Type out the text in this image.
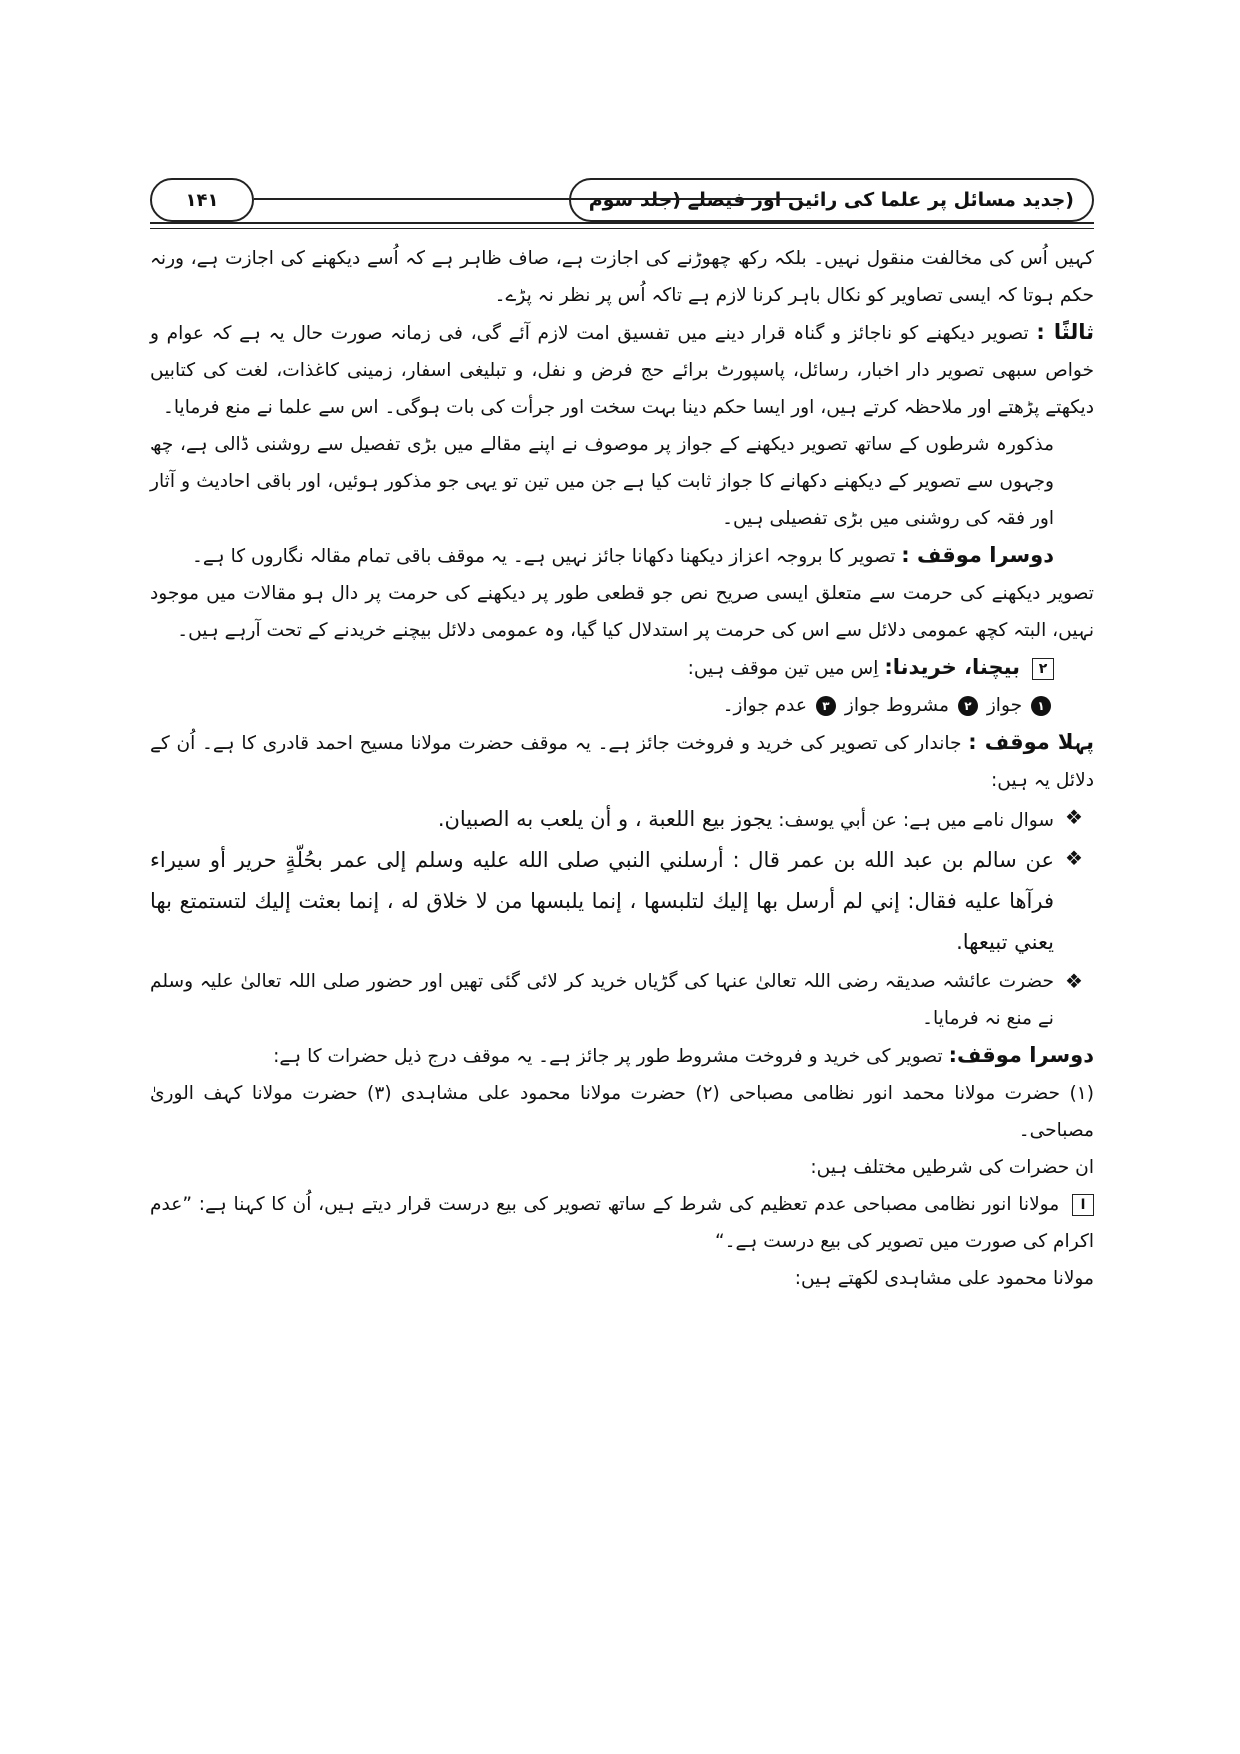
(جدید مسائل پر علما کی رائیں اور فیصلے (جلد سوم
۱۴۱

کہیں اُس کی مخالفت منقول نہیں۔ بلکہ رکھ چھوڑنے کی اجازت ہے، صاف ظاہر ہے کہ اُسے دیکھنے کی اجازت ہے، ورنہ حکم ہوتا کہ ایسی تصاویر کو نکال باہر کرنا لازم ہے تاکہ اُس پر نظر نہ پڑے۔

ثالثًا : تصویر دیکھنے کو ناجائز و گناہ قرار دینے میں تفسیق امت لازم آئے گی، فی زمانہ صورت حال یہ ہے کہ عوام و خواص سبھی تصویر دار اخبار، رسائل، پاسپورٹ برائے حج فرض و نفل، و تبلیغی اسفار، زمینی کاغذات، لغت کی کتابیں دیکھتے پڑھتے اور ملاحظہ کرتے ہیں، اور ایسا حکم دینا بہت سخت اور جرأت کی بات ہوگی۔ اس سے علما نے منع فرمایا۔

مذکورہ شرطوں کے ساتھ تصویر دیکھنے کے جواز پر موصوف نے اپنے مقالے میں بڑی تفصیل سے روشنی ڈالی ہے، چھ وجہوں سے تصویر کے دیکھنے دکھانے کا جواز ثابت کیا ہے جن میں تین تو یہی جو مذکور ہوئیں، اور باقی احادیث و آثار اور فقہ کی روشنی میں بڑی تفصیلی ہیں۔

دوسرا موقف : تصویر کا بروجہ اعزاز دیکھنا دکھانا جائز نہیں ہے۔ یہ موقف باقی تمام مقالہ نگاروں کا ہے۔

تصویر دیکھنے کی حرمت سے متعلق ایسی صریح نص جو قطعی طور پر دیکھنے کی حرمت پر دال ہو مقالات میں موجود نہیں، البتہ کچھ عمومی دلائل سے اس کی حرمت پر استدلال کیا گیا، وہ عمومی دلائل بیچنے خریدنے کے تحت آرہے ہیں۔

۲ بیچنا، خریدنا: اِس میں تین موقف ہیں:

۱ جواز ۲ مشروط جواز ۳ عدم جواز۔

پہلا موقف : جاندار کی تصویر کی خرید و فروخت جائز ہے۔ یہ موقف حضرت مولانا مسیح احمد قادری کا ہے۔ اُن کے دلائل یہ ہیں:

❖
سوال نامے میں ہے: عن أبي يوسف: يجوز بيع اللعبة ، و أن يلعب به الصبيان.
❖
عن سالم بن عبد الله بن عمر قال : أرسلني النبي صلى الله عليه وسلم إلى عمر بحُلّةٍ حرير أو سيراء فرآها عليه فقال: إني لم أرسل بها إليك لتلبسها ، إنما يلبسها من لا خلاق له ، إنما بعثت إليك لتستمتع بها يعني تبيعها.
❖
حضرت عائشہ صدیقہ رضی اللہ تعالیٰ عنہا کی گڑیاں خرید کر لائی گئی تھیں اور حضور صلی اللہ تعالیٰ علیہ وسلم نے منع نہ فرمایا۔

دوسرا موقف: تصویر کی خرید و فروخت مشروط طور پر جائز ہے۔ یہ موقف درج ذیل حضرات کا ہے:

(۱) حضرت مولانا محمد انور نظامی مصباحی (۲) حضرت مولانا محمود علی مشاہدی (۳) حضرت مولانا کہف الوریٰ مصباحی۔

ان حضرات کی شرطیں مختلف ہیں:

ا مولانا انور نظامی مصباحی عدم تعظیم کی شرط کے ساتھ تصویر کی بیع درست قرار دیتے ہیں، اُن کا کہنا ہے: ”عدم اکرام کی صورت میں تصویر کی بیع درست ہے۔“

مولانا محمود علی مشاہدی لکھتے ہیں:
